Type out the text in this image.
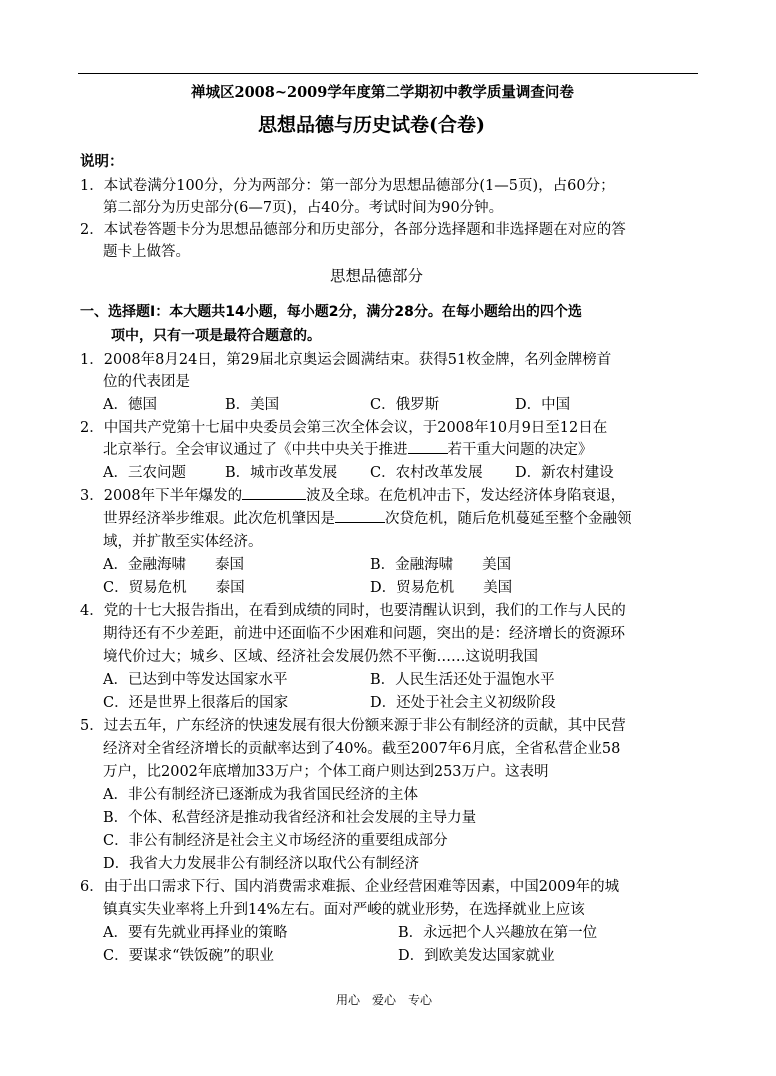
禅城区2008~2009学年度第二学期初中教学质量调查问卷
思想品德与历史试卷(合卷)
说明：
1．本试卷满分100分，分为两部分：第一部分为思想品德部分(1—5页)，占60分；
第二部分为历史部分(6—7页)，占40分。考试时间为90分钟。
2．本试卷答题卡分为思想品德部分和历史部分，各部分选择题和非选择题在对应的答
题卡上做答。
思想品德部分
一、选择题Ⅰ：本大题共14小题，每小题2分，满分28分。在每小题给出的四个选
项中，只有一项是最符合题意的。
1．2008年8月24日，第29届北京奥运会圆满结束。获得51枚金牌，名列金牌榜首
位的代表团是
A．德国	B．美国	C．俄罗斯	D．中国
2．中国共产党第十七届中央委员会第三次全体会议，于2008年10月9日至12日在
北京举行。全会审议通过了《中共中央关于推进	若干重大问题的决定》
A．三农问题	B．城市改革发展 C．农村改革发展 D．新农村建设
3．2008年下半年爆发的	波及全球。在危机冲击下，发达经济体身陷衰退，
世界经济举步维艰。此次危机肇因是	次贷危机，随后危机蔓延至整个金融领
域，并扩散至实体经济。
A．金融海啸　　泰国	B．金融海啸　　美国
C．贸易危机　　泰国	D．贸易危机　　美国
4．党的十七大报告指出，在看到成绩的同时，也要清醒认识到，我们的工作与人民的
期待还有不少差距，前进中还面临不少困难和问题，突出的是：经济增长的资源环
境代价过大；城乡、区域、经济社会发展仍然不平衡……这说明我国
A．已达到中等发达国家水平	B．人民生活还处于温饱水平
C．还是世界上很落后的国家	D．还处于社会主义初级阶段
5．过去五年，广东经济的快速发展有很大份额来源于非公有制经济的贡献，其中民营
经济对全省经济增长的贡献率达到了40%。截至2007年6月底，全省私营企业58
万户，比2002年底增加33万户；个体工商户则达到253万户。这表明
A．非公有制经济已逐渐成为我省国民经济的主体
B．个体、私营经济是推动我省经济和社会发展的主导力量
C．非公有制经济是社会主义市场经济的重要组成部分
D．我省大力发展非公有制经济以取代公有制经济
6．由于出口需求下行、国内消费需求难振、企业经营困难等因素，中国2009年的城
镇真实失业率将上升到14%左右。面对严峻的就业形势，在选择就业上应该
A．要有先就业再择业的策略	B．永远把个人兴趣放在第一位
C．要谋求“铁饭碗”的职业	D．到欧美发达国家就业
用心　爱心　专心
